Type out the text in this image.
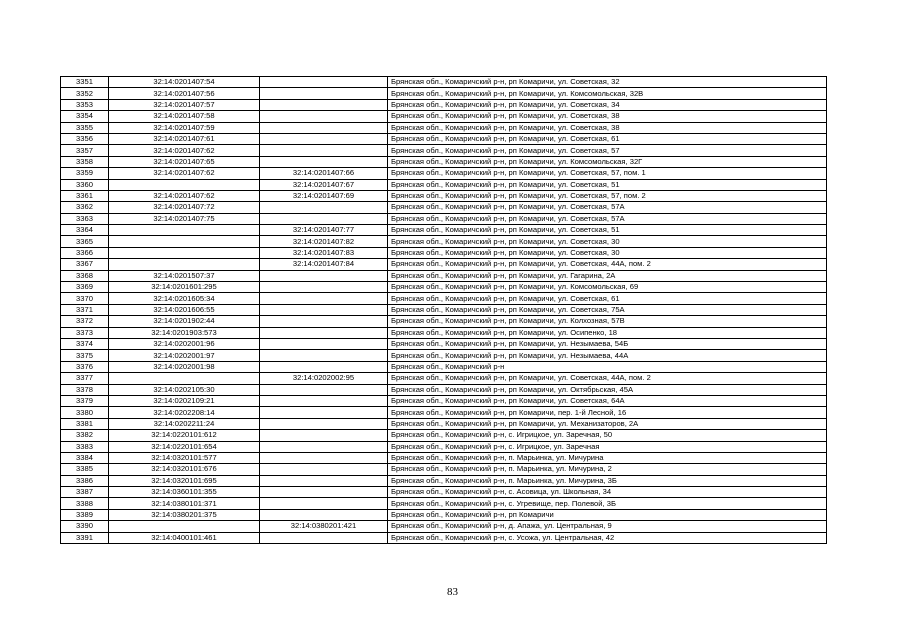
3351	32:14:0201407:54		Брянская обл., Комаричский р-н, рп Комаричи, ул. Советская, 32
3352	32:14:0201407:56		Брянская обл., Комаричский р-н, рп Комаричи, ул. Комсомольская, 32В
3353	32:14:0201407:57		Брянская обл., Комаричский р-н, рп Комаричи, ул. Советская, 34
3354	32:14:0201407:58		Брянская обл., Комаричский р-н, рп Комаричи, ул. Советская, 38
3355	32:14:0201407:59		Брянская обл., Комаричский р-н, рп Комаричи, ул. Советская, 38
3356	32:14:0201407:61		Брянская обл., Комаричский р-н, рп Комаричи, ул. Советская, 61
3357	32:14:0201407:62		Брянская обл., Комаричский р-н, рп Комаричи, ул. Советская, 57
3358	32:14:0201407:65		Брянская обл., Комаричский р-н, рп Комаричи, ул. Комсомольская, 32Г
3359	32:14:0201407:62	32:14:0201407:66	Брянская обл., Комаричский р-н, рп Комаричи, ул. Советская, 57, пом. 1
3360		32:14:0201407:67	Брянская обл., Комаричский р-н, рп Комаричи, ул. Советская, 51
3361	32:14:0201407:62	32:14:0201407:69	Брянская обл., Комаричский р-н, рп Комаричи, ул. Советская, 57, пом. 2
3362	32:14:0201407:72		Брянская обл., Комаричский р-н, рп Комаричи, ул. Советская, 57А
3363	32:14:0201407:75		Брянская обл., Комаричский р-н, рп Комаричи, ул. Советская, 57А
3364		32:14:0201407:77	Брянская обл., Комаричский р-н, рп Комаричи, ул. Советская, 51
3365		32:14:0201407:82	Брянская обл., Комаричский р-н, рп Комаричи, ул. Советская, 30
3366		32:14:0201407:83	Брянская обл., Комаричский р-н, рп Комаричи, ул. Советская, 30
3367		32:14:0201407:84	Брянская обл., Комаричский р-н, рп Комаричи, ул. Советская, 44А, пом. 2
3368	32:14:0201507:37		Брянская обл., Комаричский р-н, рп Комаричи, ул. Гагарина, 2А
3369	32:14:0201601:295		Брянская обл., Комаричский р-н, рп Комаричи, ул. Комсомольская, 69
3370	32:14:0201605:34		Брянская обл., Комаричский р-н, рп Комаричи, ул. Советская, 61
3371	32:14:0201606:55		Брянская обл., Комаричский р-н, рп Комаричи, ул. Советская, 75А
3372	32:14:0201902:44		Брянская обл., Комаричский р-н, рп Комаричи, ул. Колхозная, 57В
3373	32:14:0201903:573		Брянская обл., Комаричский р-н, рп Комаричи, ул. Осипенко, 18
3374	32:14:0202001:96		Брянская обл., Комаричский р-н, рп Комаричи, ул. Незымаева, 54Б
3375	32:14:0202001:97		Брянская обл., Комаричский р-н, рп Комаричи, ул. Незымаева, 44А
3376	32:14:0202001:98		Брянская обл., Комаричский р-н
3377		32:14:0202002:95	Брянская обл., Комаричский р-н, рп Комаричи, ул. Советская, 44А, пом. 2
3378	32:14:0202105:30		Брянская обл., Комаричский р-н, рп Комаричи, ул. Октябрьская, 45А
3379	32:14:0202109:21		Брянская обл., Комаричский р-н, рп Комаричи, ул. Советская, 64А
3380	32:14:0202208:14		Брянская обл., Комаричский р-н, рп Комаричи, пер. 1-й Лесной, 16
3381	32:14:0202211:24		Брянская обл., Комаричский р-н, рп Комаричи, ул. Механизаторов, 2А
3382	32:14:0220101:612		Брянская обл., Комаричский р-н, с. Игрицкое, ул. Заречная, 50
3383	32:14:0220101:654		Брянская обл., Комаричский р-н, с. Игрицкое, ул. Заречная
3384	32:14:0320101:577		Брянская обл., Комаричский р-н, п. Марьинка, ул. Мичурина
3385	32:14:0320101:676		Брянская обл., Комаричский р-н, п. Марьинка, ул. Мичурина, 2
3386	32:14:0320101:695		Брянская обл., Комаричский р-н, п. Марьинка, ул. Мичурина, 3Б
3387	32:14:0360101:355		Брянская обл., Комаричский р-н, с. Асовица, ул. Школьная, 34
3388	32:14:0380101:371		Брянская обл., Комаричский р-н, с. Угревище, пер. Полевой, 3Б
3389	32:14:0380201:375		Брянская обл., Комаричский р-н, рп Комаричи
3390		32:14:0380201:421	Брянская обл., Комаричский р-н, д. Апажа, ул. Центральная, 9
3391	32:14:0400101:461		Брянская обл., Комаричский р-н, с. Усожа, ул. Центральная, 42
83
